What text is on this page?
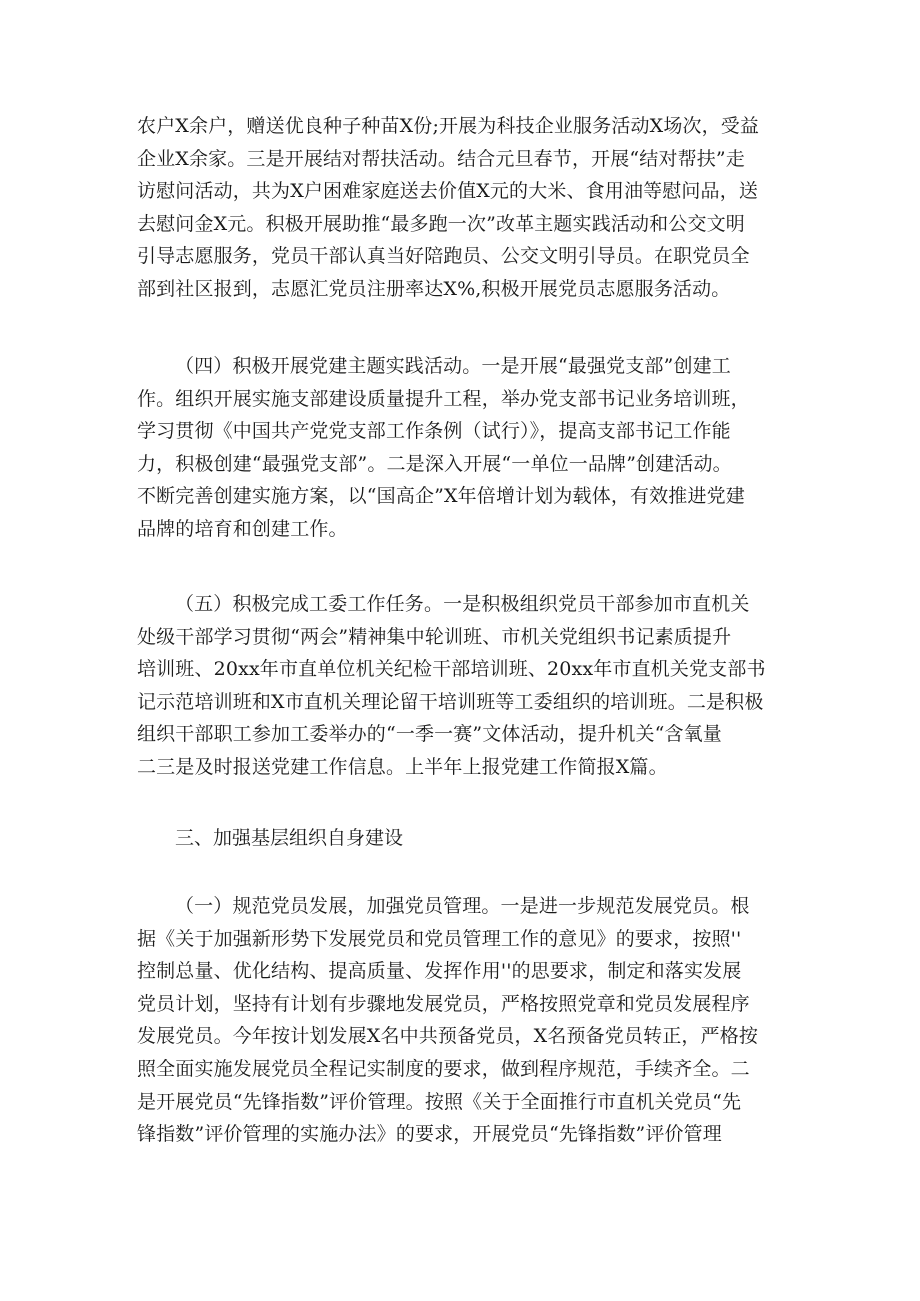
农户X余户，赠送优良种子种苗X份;开展为科技企业服务活动X场次，受益
企业X余家。三是开展结对帮扶活动。结合元旦春节，开展“结对帮扶”走
访慰问活动，共为X户困难家庭送去价值X元的大米、食用油等慰问品，送
去慰问金X元。积极开展助推“最多跑一次”改革主题实践活动和公交文明
引导志愿服务，党员干部认真当好陪跑员、公交文明引导员。在职党员全
部到社区报到，志愿汇党员注册率达X%,积极开展党员志愿服务活动。
（四）积极开展党建主题实践活动。一是开展“最强党支部”创建工
作。组织开展实施支部建设质量提升工程，举办党支部书记业务培训班，
学习贯彻《中国共产党党支部工作条例（试行）》，提高支部书记工作能
力，积极创建“最强党支部”。二是深入开展“一单位一品牌”创建活动。
不断完善创建实施方案，以“国高企”X年倍增计划为载体，有效推进党建
品牌的培育和创建工作。
（五）积极完成工委工作任务。一是积极组织党员干部参加市直机关
处级干部学习贯彻“两会”精神集中轮训班、市机关党组织书记素质提升
培训班、20xx年市直单位机关纪检干部培训班、20xx年市直机关党支部书
记示范培训班和X市直机关理论留干培训班等工委组织的培训班。二是积极
组织干部职工参加工委举办的“一季一赛”文体活动，提升机关“含氧量
二三是及时报送党建工作信息。上半年上报党建工作简报X篇。
三、加强基层组织自身建设
（一）规范党员发展，加强党员管理。一是进一步规范发展党员。根
据《关于加强新形势下发展党员和党员管理工作的意见》的要求，按照''
控制总量、优化结构、提高质量、发挥作用''的思要求，制定和落实发展
党员计划，坚持有计划有步骤地发展党员，严格按照党章和党员发展程序
发展党员。今年按计划发展X名中共预备党员，X名预备党员转正，严格按
照全面实施发展党员全程记实制度的要求，做到程序规范，手续齐全。二
是开展党员“先锋指数”评价管理。按照《关于全面推行市直机关党员“先
锋指数”评价管理的实施办法》的要求，开展党员“先锋指数”评价管理
